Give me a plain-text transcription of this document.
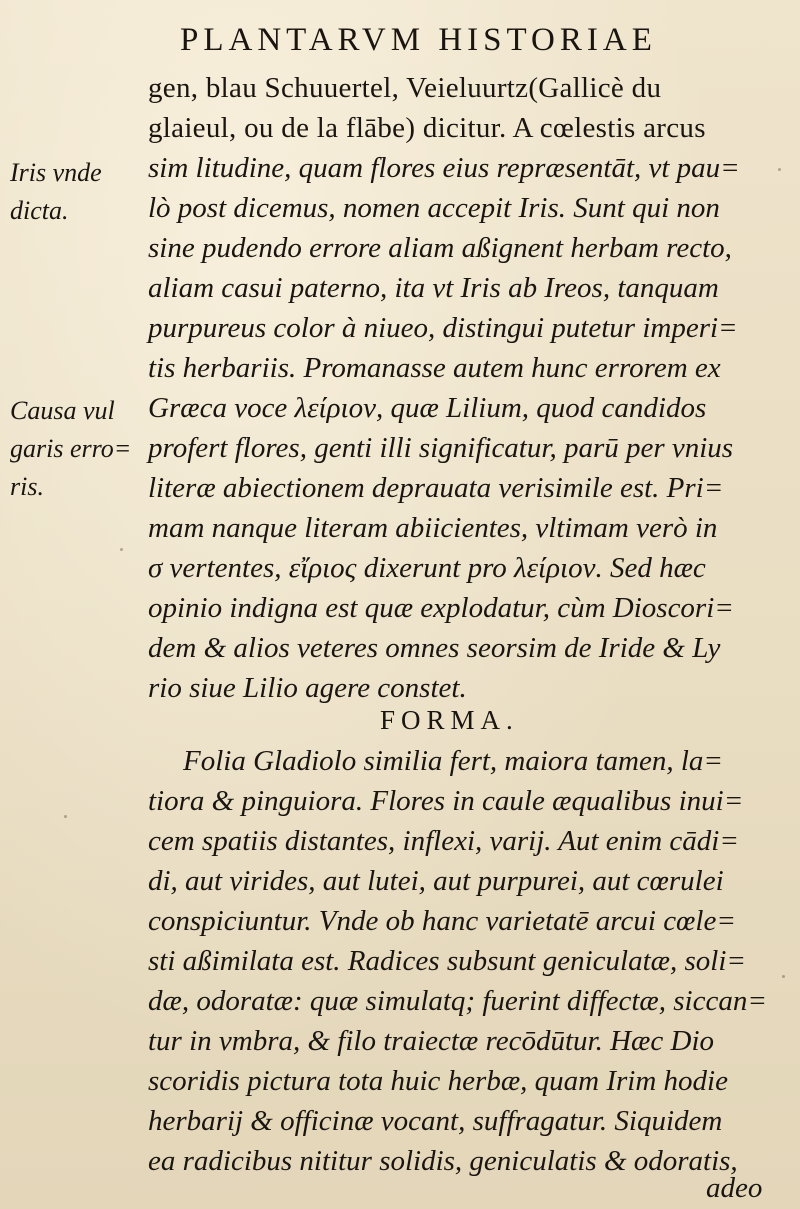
PLANTARVM HISTORIAE
gen, blau Schuuertel, Veieluurtz(Gallicè du
glaieul, ou de la flābe) dicitur. A cœlestis arcus
sim litudine, quam flores eius repræsentāt, vt pau=
lò post dicemus, nomen accepit Iris. Sunt qui non
sine pudendo errore aliam aßignent herbam recto,
aliam casui paterno, ita vt Iris ab Ireos, tanquam
purpureus color à niueo, distingui putetur imperi=
tis herbariis. Promanasse autem hunc errorem ex
Græca voce λείριον, quæ Lilium, quod candidos
profert flores, genti illi significatur, parū per vnius
literæ abiectionem deprauata verisimile est. Pri=
mam nanque literam abiicientes, vltimam verò in
σ vertentes, εἴριος dixerunt pro λείριον. Sed hæc
opinio indigna est quæ explodatur, cùm Dioscori=
dem & alios veteres omnes seorsim de Iride & Ly
rio siue Lilio agere constet.
FORMA.
Folia Gladiolo similia fert, maiora tamen, la=
tiora & pinguiora. Flores in caule æqualibus inui=
cem spatiis distantes, inflexi, varij. Aut enim cādi=
di, aut virides, aut lutei, aut purpurei, aut cœrulei
conspiciuntur. Vnde ob hanc varietatē arcui cœle=
sti aßimilata est. Radices subsunt geniculatæ, soli=
dæ, odoratæ: quæ simulatq; fuerint diffectæ, siccan=
tur in vmbra, & filo traiectæ recōdūtur. Hæc Dio
scoridis pictura tota huic herbæ, quam Irim hodie
herbarij & officinæ vocant, suffragatur. Siquidem
ea radicibus nititur solidis, geniculatis & odoratis,
adeo
Iris vnde
dicta.
Causa vul
garis erro=
ris.
